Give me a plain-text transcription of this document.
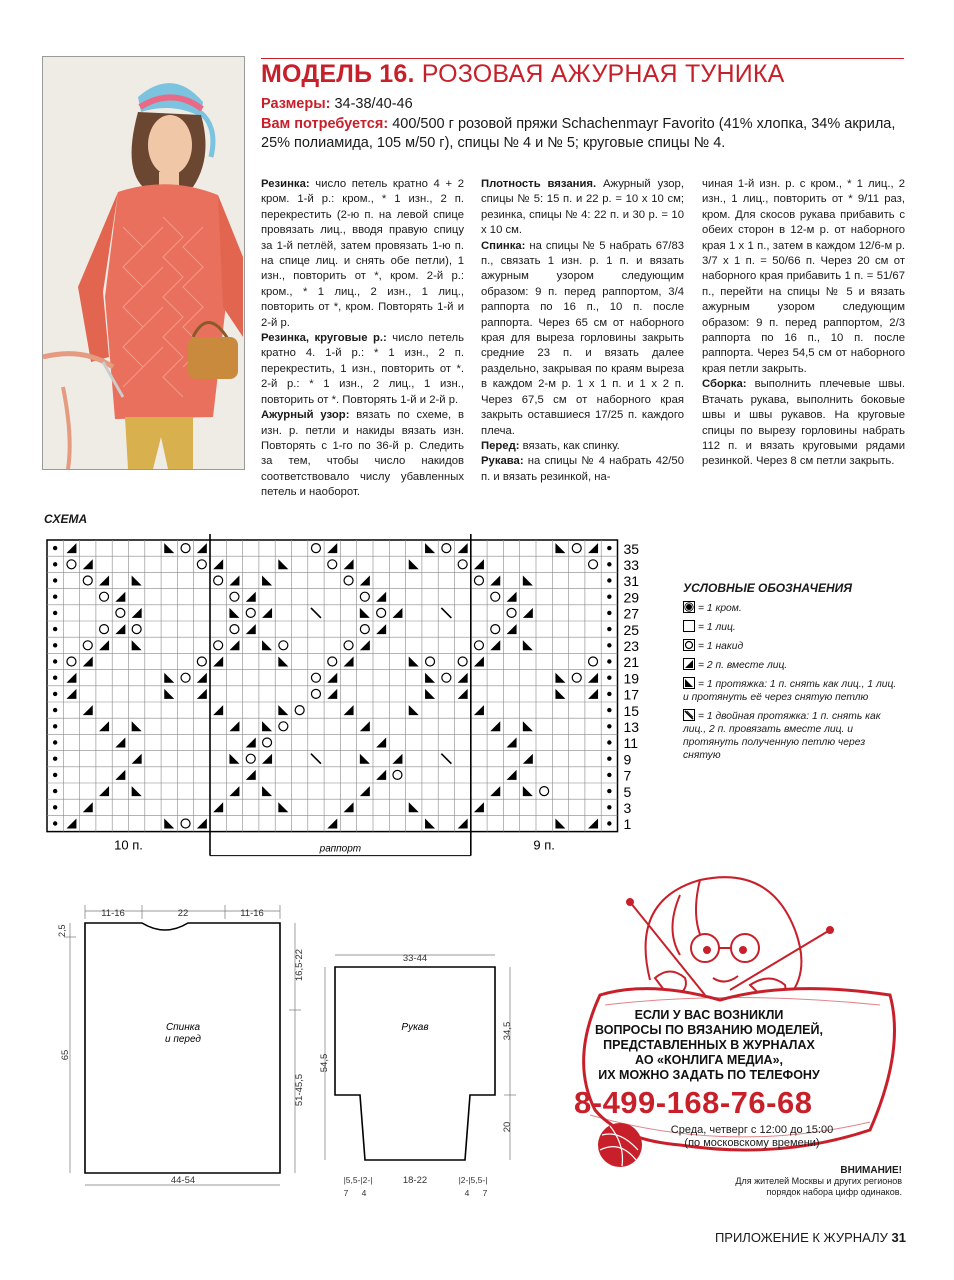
МОДЕЛЬ 16. РОЗОВАЯ АЖУРНАЯ ТУНИКА
Размеры: 34-38/40-46
Вам потребуется: 400/500 г розовой пряжи Schachenmayr Favorito (41% хлопка, 34% акрила, 25% полиамида, 105 м/50 г), спицы № 4 и № 5; круговые спицы № 4.

Резинка: число петель кратно 4 + 2 кром. 1-й р.: кром., * 1 изн., 2 п. перекрестить (2-ю п. на левой спице провязать лиц., вводя правую спицу за 1-й петлёй, затем провязать 1-ю п. на спице лиц. и снять обе петли), 1 изн., повторить от *, кром. 2-й р.: кром., * 1 лиц., 2 изн., 1 лиц., повторить от *, кром. Повторять 1-й и 2-й р.

Резинка, круговые р.: число петель кратно 4. 1-й р.: * 1 изн., 2 п. перекрестить, 1 изн., повторить от *. 2-й р.: * 1 изн., 2 лиц., 1 изн., повторить от *. Повторять 1-й и 2-й р.

Ажурный узор: вязать по схеме, в изн. р. петли и накиды вязать изн. Повторять с 1-го по 36-й р. Следить за тем, чтобы число накидов соответствовало числу убавленных петель и наоборот.

Плотность вязания. Ажурный узор, спицы № 5: 15 п. и 22 р. = 10 х 10 см; резинка, спицы № 4: 22 п. и 30 р. = 10 х 10 см.

Спинка: на спицы № 5 набрать 67/83 п., связать 1 изн. р. 1 п. и вязать ажурным узором следующим образом: 9 п. перед раппортом, 3/4 раппорта по 16 п., 10 п. после раппорта. Через 65 см от наборного края для выреза горловины закрыть средние 23 п. и вязать далее раздельно, закрывая по краям выреза в каждом 2-м р. 1 х 1 п. и 1 х 2 п. Через 67,5 см от наборного края закрыть оставшиеся 17/25 п. каждого плеча.

Перед: вязать, как спинку.

Рукава: на спицы № 4 набрать 42/50 п. и вязать резинкой, на-

чиная 1-й изн. р. с кром., * 1 лиц., 2 изн., 1 лиц., повторить от * 9/11 раз, кром. Для скосов рукава прибавить с обеих сторон в 12-м р. от наборного края 1 х 1 п., затем в каждом 12/6-м р. 3/7 х 1 п. = 50/66 п. Через 20 см от наборного края прибавить 1 п. = 51/67 п., перейти на спицы № 5 и вязать ажурным узором следующим образом: 9 п. перед раппортом, 2/3 раппорта по 16 п., 10 п. после раппорта. Через 54,5 см от наборного края петли закрыть.

Сборка: выполнить плечевые швы. Втачать рукава, выполнить боковые швы и швы рукавов. На круговые спицы по вырезу горловины набрать 112 п. и вязать круговыми рядами резинкой. Через 8 см петли закрыть.

СХЕМА
35
33
31
29
27
25
23
21
19
17
15
13
11
9
7
5
3
1
10 п.	9 п.
раппорт
УСЛОВНЫЕ ОБОЗНАЧЕНИЯ
= 1 кром.
= 1 лиц.
= 1 накид
= 2 п. вместе лиц.
= 1 протяжка: 1 п. снять как лиц., 1 лиц. и протянуть её через снятую петлю
= 1 двойная протяжка: 1 п. снять как лиц., 2 п. провязать вместе лиц. и протянуть полученную петлю через снятую
11-16	22	11-16
2,5
65
16,5-22
51-45,5
Спинка
и перед
44-54
33-44
Рукав
54,5
34,5
20
|5,5-|2-|	18-22	|2-|5,5-|
7 4	4 7
ЕСЛИ У ВАС ВОЗНИКЛИ
ВОПРОСЫ ПО ВЯЗАНИЮ МОДЕЛЕЙ,
ПРЕДСТАВЛЕННЫХ В ЖУРНАЛАХ
АО «КОНЛИГА МЕДИА»,
ИХ МОЖНО ЗАДАТЬ ПО ТЕЛЕФОНУ
8-499-168-76-68
Среда, четверг с 12:00 до 15:00
(по московскому времени)
ВНИМАНИЕ!
Для жителей Москвы и других регионов
порядок набора цифр одинаков.
ПРИЛОЖЕНИЕ К ЖУРНАЛУ 31
